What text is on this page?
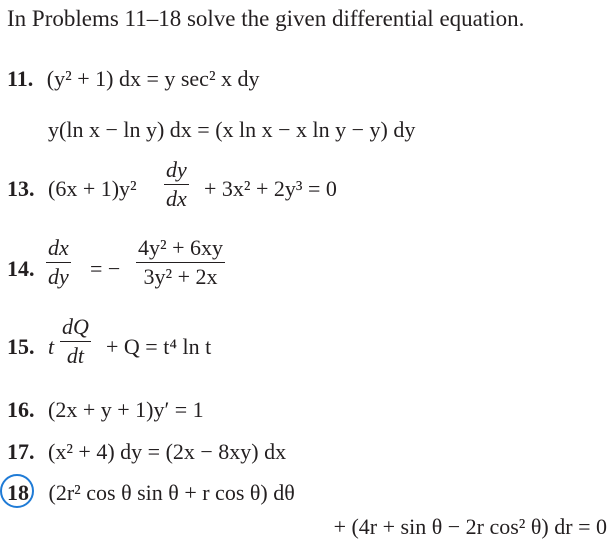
In Problems 11–18 solve the given differential equation.
11. (y² + 1) dx = y sec² x dy
y(ln x − ln y) dx = (x ln x − x ln y − y) dy
13. (6x + 1)y²
dy
dx + 3x² + 2y³ = 0
14.
dx
dy = −
4y² + 6xy
3y² + 2x
15. t
dQ
dt + Q = t⁴ ln t
16. (2x + y + 1)y′ = 1
17. (x² + 4) dy = (2x − 8xy) dx
18 (2r² cos θ sin θ + r cos θ) dθ
+ (4r + sin θ − 2r cos² θ) dr = 0
